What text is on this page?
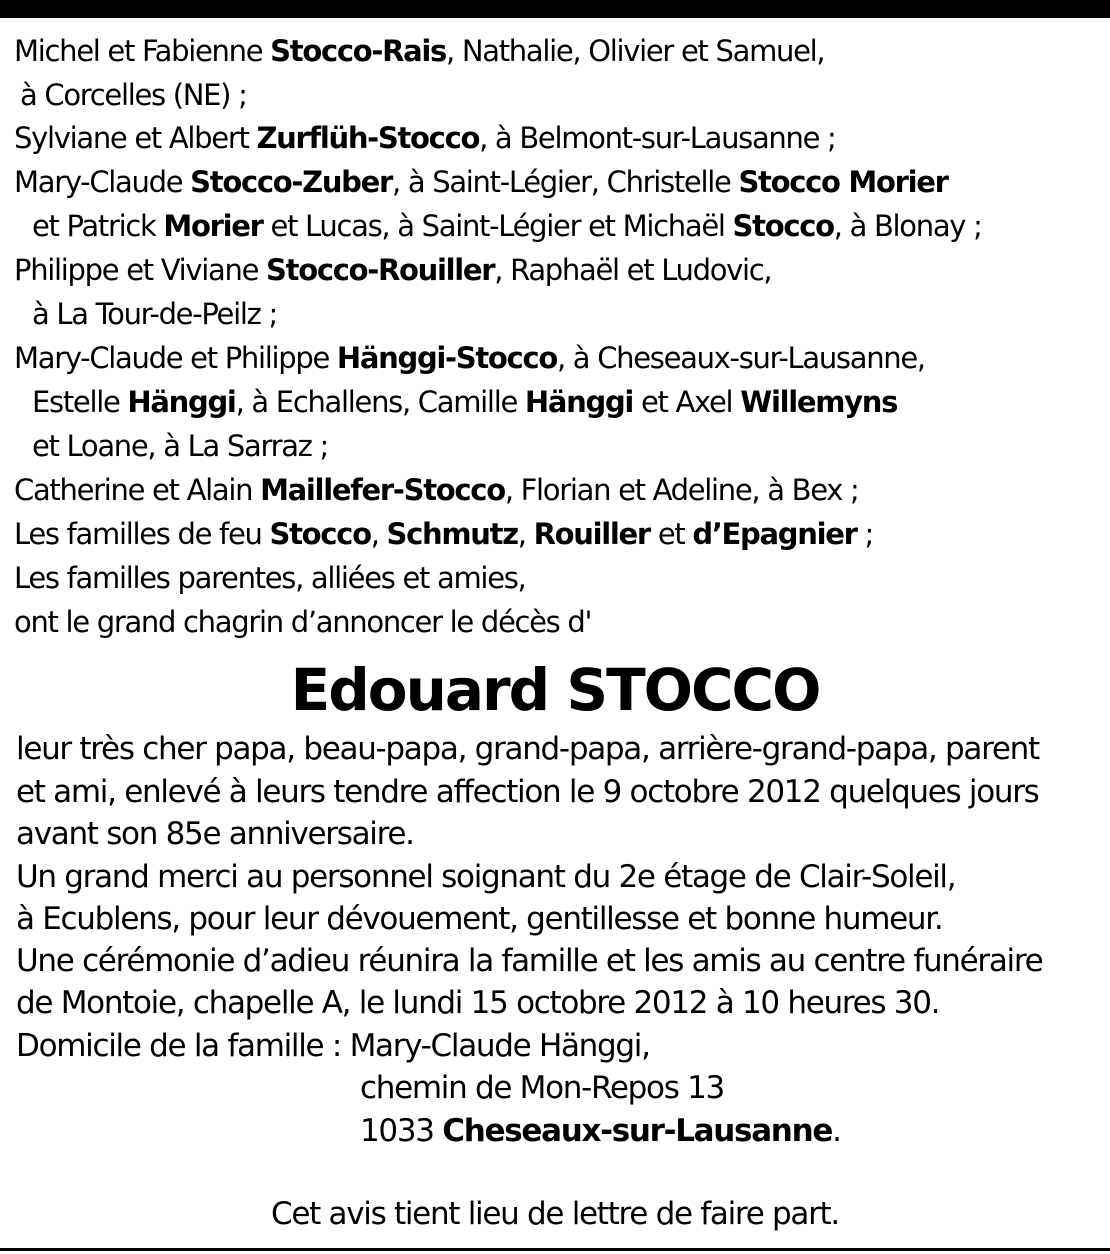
Michel et Fabienne Stocco-Rais, Nathalie, Olivier et Samuel,
à Corcelles (NE) ;
Sylviane et Albert Zurflüh-Stocco, à Belmont-sur-Lausanne ;
Mary-Claude Stocco-Zuber, à Saint-Légier, Christelle Stocco Morier
et Patrick Morier et Lucas, à Saint-Légier et Michaël Stocco, à Blonay ;
Philippe et Viviane Stocco-Rouiller, Raphaël et Ludovic,
à La Tour-de-Peilz ;
Mary-Claude et Philippe Hänggi-Stocco, à Cheseaux-sur-Lausanne,
Estelle Hänggi, à Echallens, Camille Hänggi et Axel Willemyns
et Loane, à La Sarraz ;
Catherine et Alain Maillefer-Stocco, Florian et Adeline, à Bex ;
Les familles de feu Stocco, Schmutz, Rouiller et d’Epagnier ;
Les familles parentes, alliées et amies,
ont le grand chagrin d’annoncer le décès d'
Edouard STOCCO
leur très cher papa, beau-papa, grand-papa, arrière-grand-papa, parent
et ami, enlevé à leurs tendre affection le 9 octobre 2012 quelques jours
avant son 85e anniversaire.
Un grand merci au personnel soignant du 2e étage de Clair-Soleil,
à Ecublens, pour leur dévouement, gentillesse et bonne humeur.
Une cérémonie d’adieu réunira la famille et les amis au centre funéraire
de Montoie, chapelle A, le lundi 15 octobre 2012 à 10 heures 30.
Domicile de la famille : Mary-Claude Hänggi,
chemin de Mon-Repos 13
1033 Cheseaux-sur-Lausanne.
Cet avis tient lieu de lettre de faire part.
